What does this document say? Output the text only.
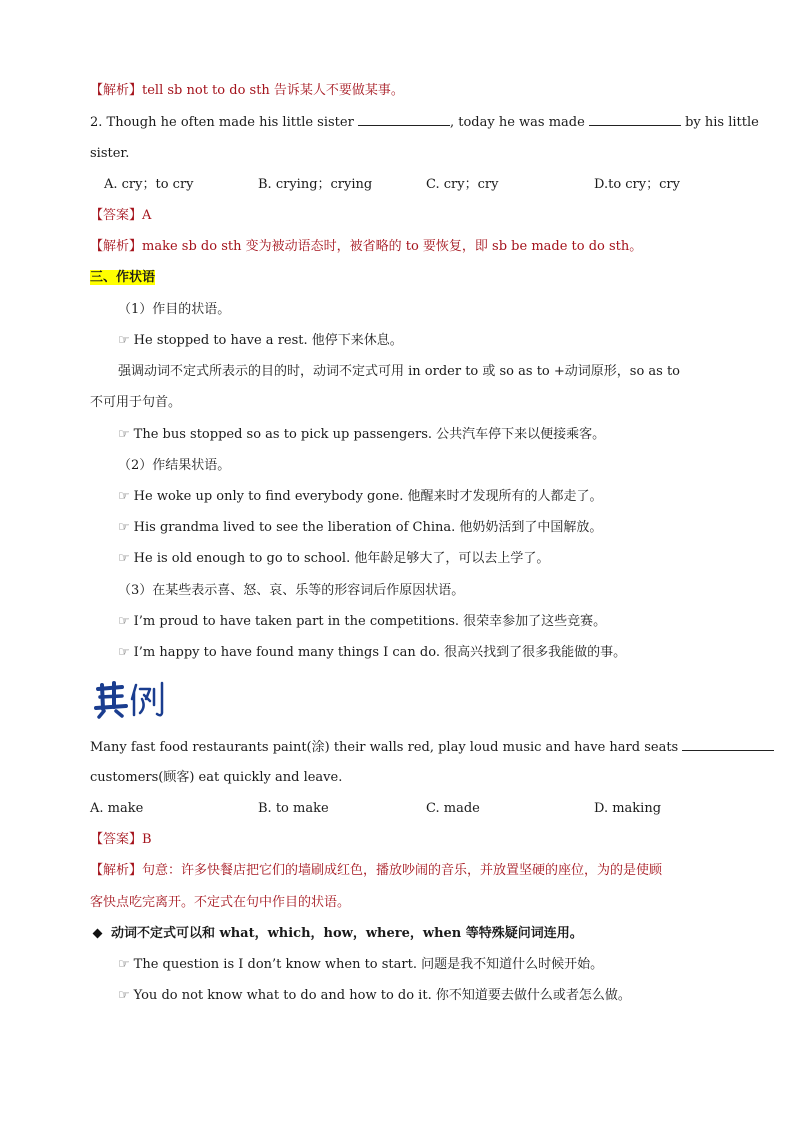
【解析】tell sb not to do sth 告诉某人不要做某事。
2. Though he often made his little sister	, today he was made	by his little
sister.
A. cry；to cry	B. crying；crying	C. cry；cry	D.to cry；cry
【答案】A
【解析】make sb do sth 变为被动语态时，被省略的 to 要恢复，即 sb be made to do sth。
三、作状语
（1）作目的状语。
☞ He stopped to have a rest. 他停下来休息。
强调动词不定式所表示的目的时，动词不定式可用 in order to 或 so as to +动词原形，so as to
不可用于句首。
☞ The bus stopped so as to pick up passengers. 公共汽车停下来以便接乘客。
（2）作结果状语。
☞ He woke up only to find everybody gone. 他醒来时才发现所有的人都走了。
☞ His grandma lived to see the liberation of China. 他奶奶活到了中国解放。
☞ He is old enough to go to school. 他年龄足够大了，可以去上学了。
（3）在某些表示喜、怒、哀、乐等的形容词后作原因状语。
☞ I’m proud to have taken part in the competitions. 很荣幸参加了这些竞赛。
☞ I’m happy to have found many things I can do. 很高兴找到了很多我能做的事。
Many fast food restaurants paint(涂) their walls red, play loud music and have hard seats
customers(顾客) eat quickly and leave.
A. make	B. to make	C. made	D. making
【答案】B
【解析】句意：许多快餐店把它们的墙刷成红色，播放吵闹的音乐，并放置坚硬的座位，为的是使顾
客快点吃完离开。不定式在句中作目的状语。
动词不定式可以和 what，which，how，where，when 等特殊疑问词连用。
☞ The question is I don’t know when to start. 问题是我不知道什么时候开始。
☞ You do not know what to do and how to do it. 你不知道要去做什么或者怎么做。
